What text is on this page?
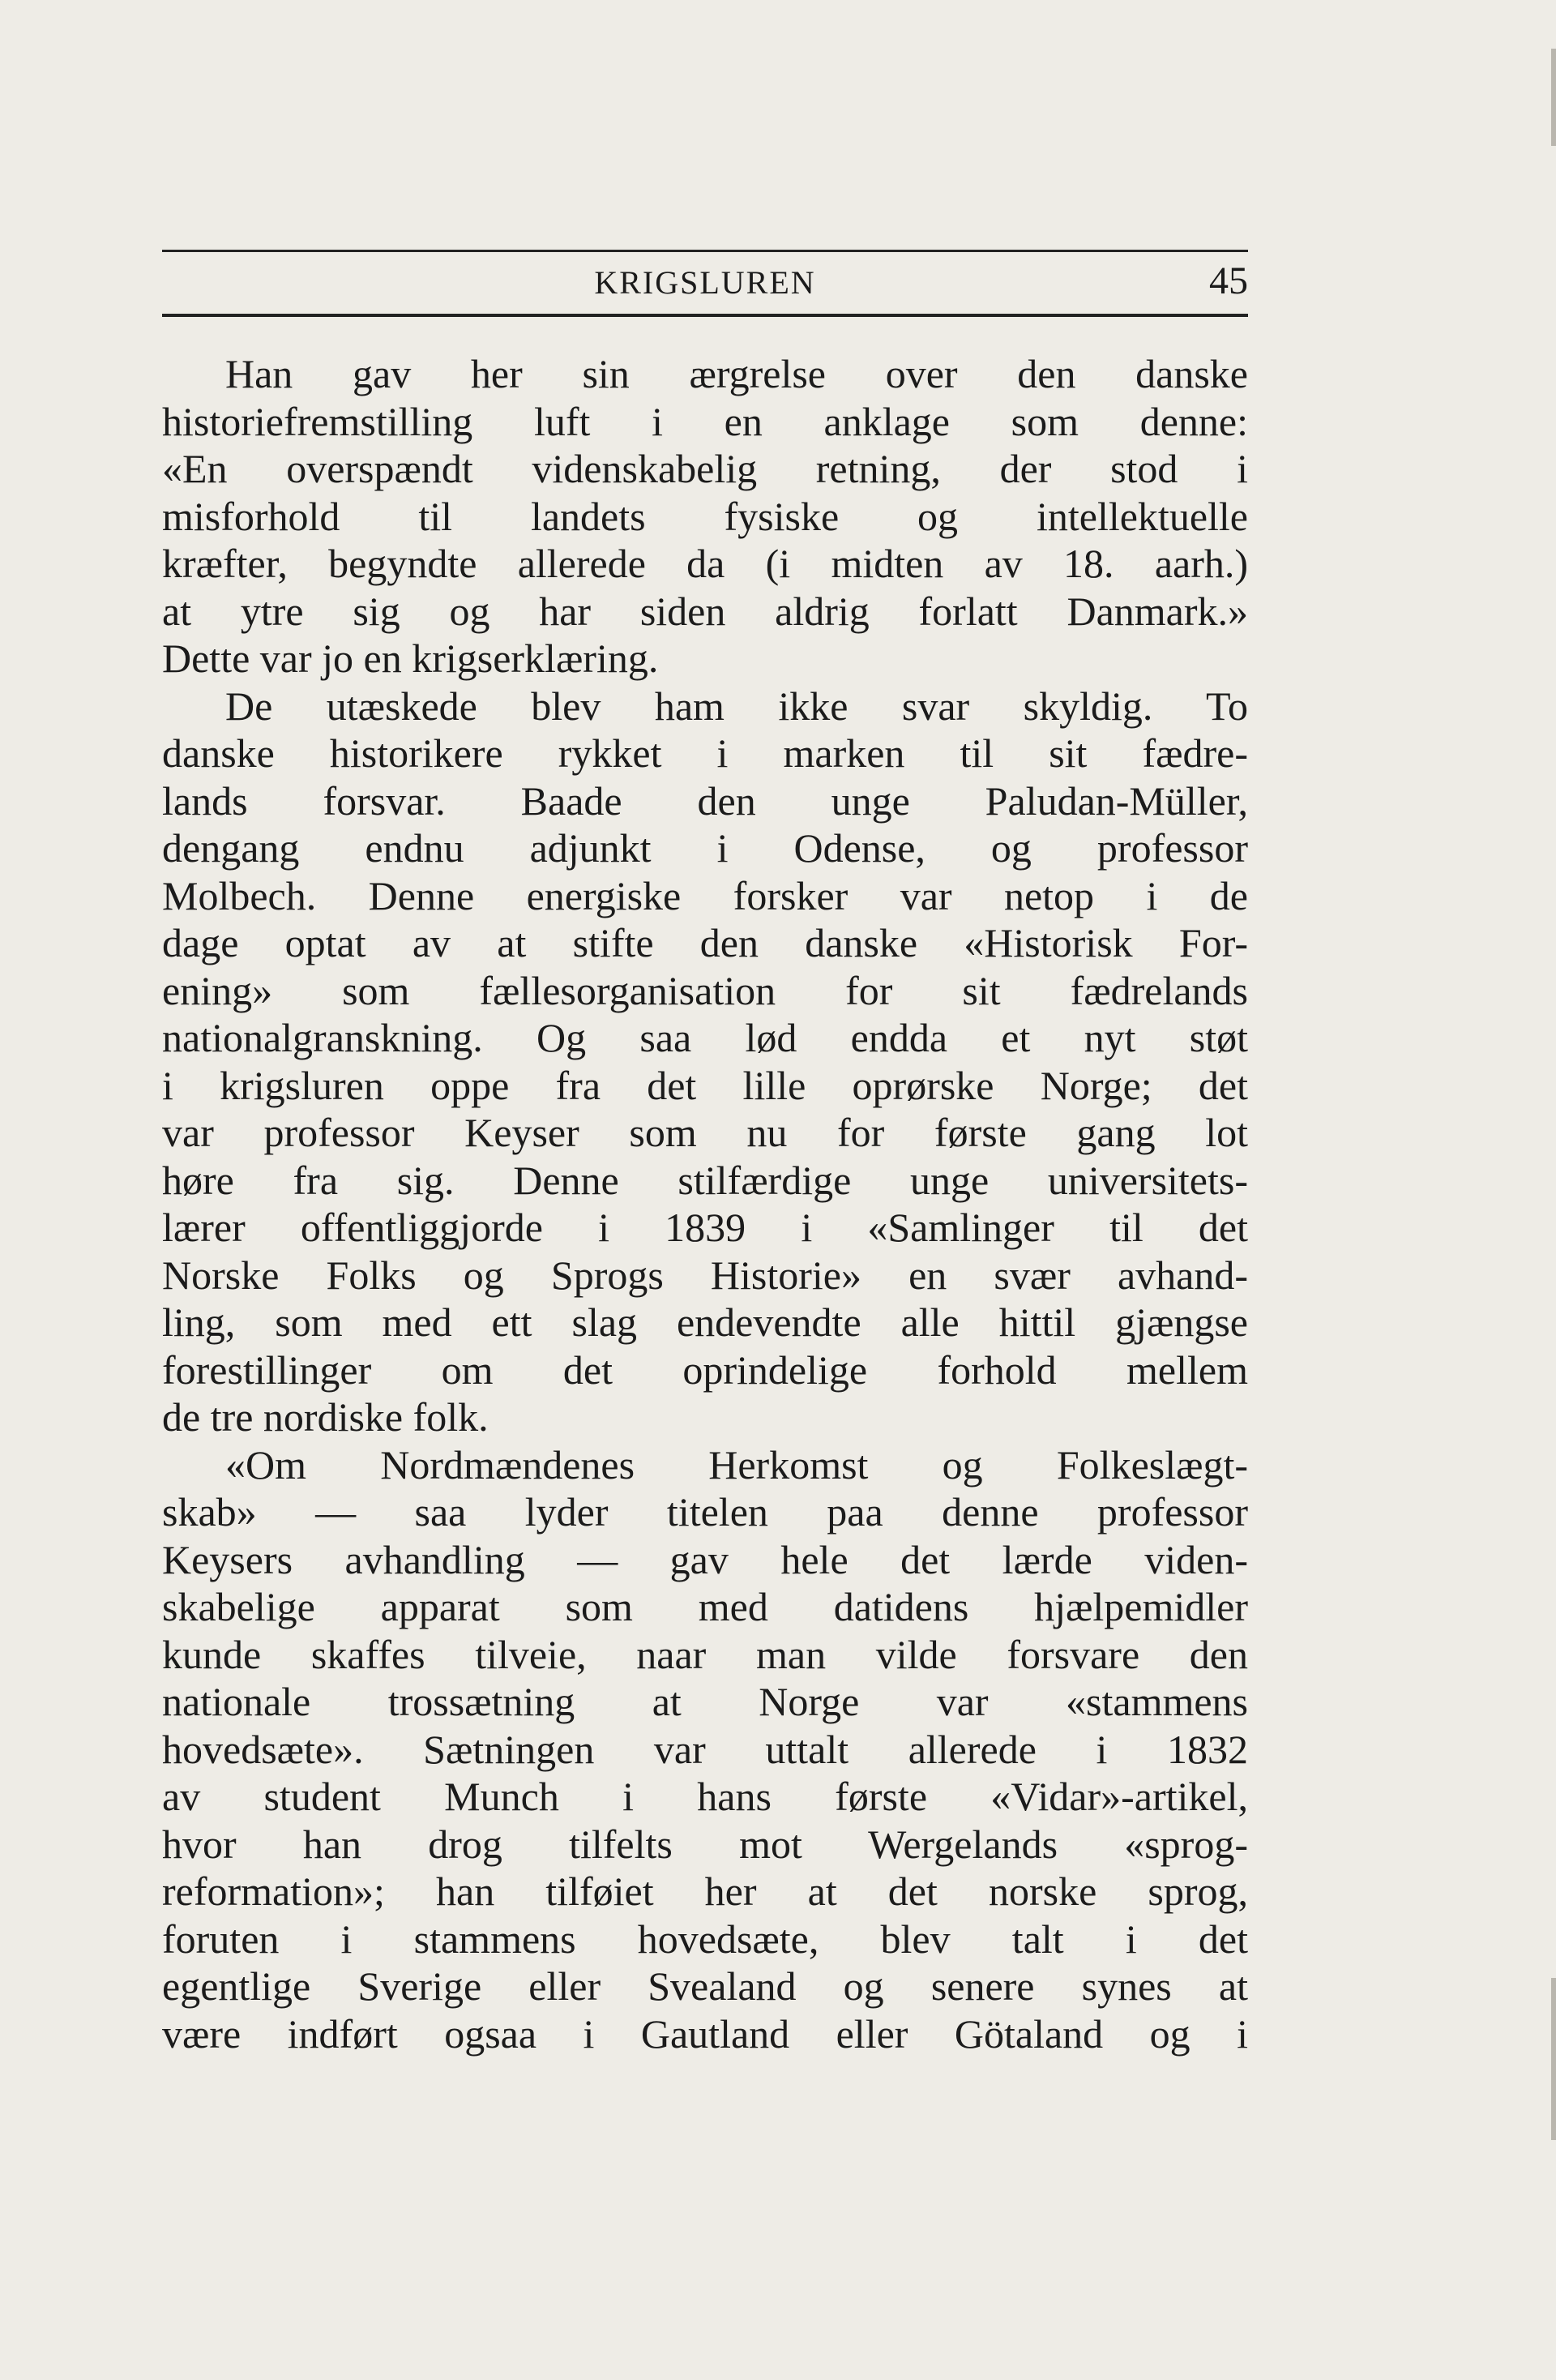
KRIGSLUREN	45
Han gav her sin ærgrelse over den danske
historiefremstilling luft i en anklage som denne:
«En overspændt videnskabelig retning, der stod i
misforhold til landets fysiske og intellektuelle
kræfter, begyndte allerede da (i midten av 18. aarh.)
at ytre sig og har siden aldrig forlatt Danmark.»
Dette var jo en krigserklæring.
De utæskede blev ham ikke svar skyldig. To
danske historikere rykket i marken til sit fædre-
lands forsvar. Baade den unge Paludan-Müller,
dengang endnu adjunkt i Odense, og professor
Molbech. Denne energiske forsker var netop i de
dage optat av at stifte den danske «Historisk For-
ening» som fællesorganisation for sit fædrelands
nationalgranskning. Og saa lød endda et nyt støt
i krigsluren oppe fra det lille oprørske Norge; det
var professor Keyser som nu for første gang lot
høre fra sig. Denne stilfærdige unge universitets-
lærer offentliggjorde i 1839 i «Samlinger til det
Norske Folks og Sprogs Historie» en svær avhand-
ling, som med ett slag endevendte alle hittil gjængse
forestillinger om det oprindelige forhold mellem
de tre nordiske folk.
«Om Nordmændenes Herkomst og Folkeslægt-
skab» — saa lyder titelen paa denne professor
Keysers avhandling — gav hele det lærde viden-
skabelige apparat som med datidens hjælpemidler
kunde skaffes tilveie, naar man vilde forsvare den
nationale trossætning at Norge var «stammens
hovedsæte». Sætningen var uttalt allerede i 1832
av student Munch i hans første «Vidar»-artikel,
hvor han drog tilfelts mot Wergelands «sprog-
reformation»; han tilføiet her at det norske sprog,
foruten i stammens hovedsæte, blev talt i det
egentlige Sverige eller Svealand og senere synes at
være indført ogsaa i Gautland eller Götaland og i
